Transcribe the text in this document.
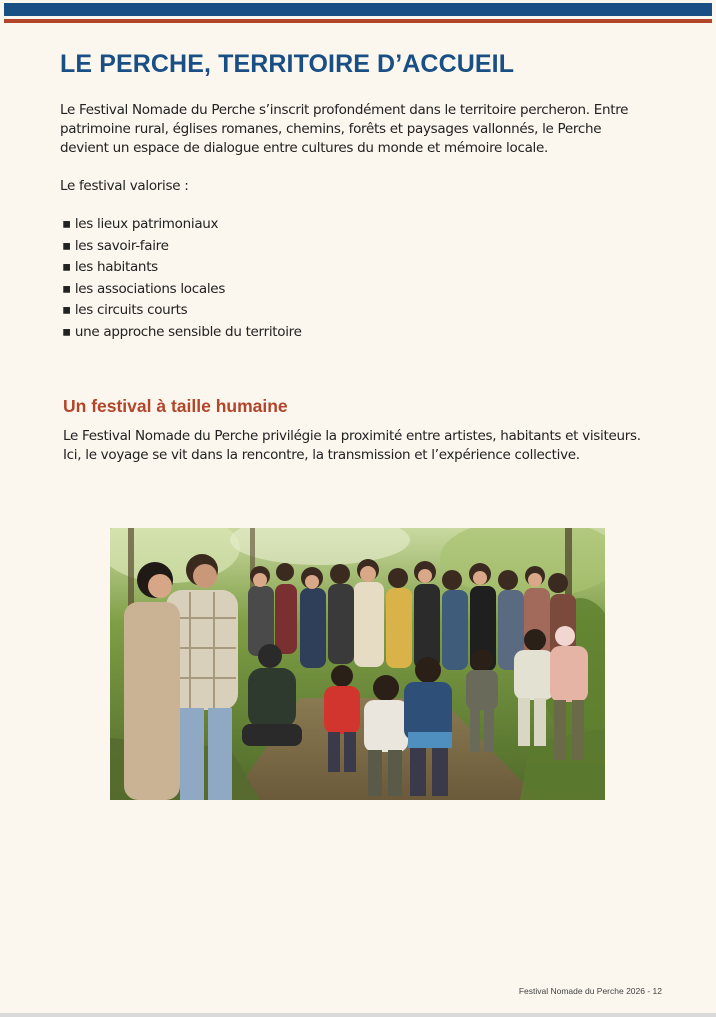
LE PERCHE, TERRITOIRE D’ACCUEIL

Le Festival Nomade du Perche s’inscrit profondément dans le territoire percheron. Entre patrimoine rural, églises romanes, chemins, forêts et paysages vallonnés, le Perche devient un espace de dialogue entre cultures du monde et mémoire locale.

Le festival valorise :

▪ les lieux patrimoniaux
▪ les savoir-faire
▪ les habitants
▪ les associations locales
▪ les circuits courts
▪ une approche sensible du territoire
Un festival à taille humaine

Le Festival Nomade du Perche privilégie la proximité entre artistes, habitants et visiteurs. Ici, le voyage se vit dans la rencontre, la transmission et l’expérience collective.

Festival Nomade du Perche 2026 - 12
